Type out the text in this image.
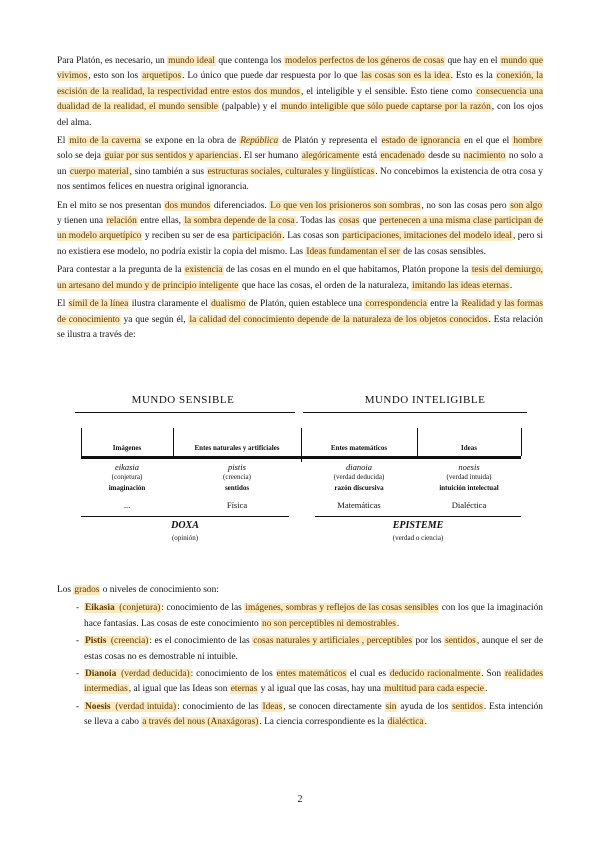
Para Platón, es necesario, un mundo ideal que contenga los modelos perfectos de los géneros de cosas que hay en el mundo que vivimos, esto son los arquetipos. Lo único que puede dar respuesta por lo que las cosas son es la idea. Esto es la conexión, la escisión de la realidad, la respectividad entre estos dos mundos, el inteligible y el sensible. Esto tiene como consecuencia una dualidad de la realidad, el mundo sensible (palpable) y el mundo inteligible que sólo puede captarse por la razón, con los ojos del alma.

El mito de la caverna se expone en la obra de República de Platón y representa el estado de ignorancia en el que el hombre solo se deja guiar por sus sentidos y apariencias. El ser humano alegóricamente está encadenado desde su nacimiento no solo a un cuerpo material, sino también a sus estructuras sociales, culturales y lingüísticas. No concebimos la existencia de otra cosa y nos sentimos felices en nuestra original ignorancia.

En el mito se nos presentan dos mundos diferenciados. Lo que ven los prisioneros son sombras, no son las cosas pero son algo y tienen una relación entre ellas, la sombra depende de la cosa. Todas las cosas que pertenecen a una misma clase participan de un modelo arquetípico y reciben su ser de esa participación. Las cosas son participaciones, imitaciones del modelo ideal, pero si no existiera ese modelo, no podría existir la copia del mismo. Las Ideas fundamentan el ser de las cosas sensibles.

Para contestar a la pregunta de la existencia de las cosas en el mundo en el que habitamos, Platón propone la tesis del demiurgo, un artesano del mundo y de principio inteligente que hace las cosas, el orden de la naturaleza, imitando las ideas eternas.

El símil de la línea ilustra claramente el dualismo de Platón, quien establece una correspondencia entre la Realidad y las formas de conocimiento ya que según él, la calidad del conocimiento depende de la naturaleza de los objetos conocidos. Esta relación se ilustra a través de:

MUNDO SENSIBLE	MUNDO INTELIGIBLE
Imágenes	Entes naturales y artificiales	Entes matemáticos	Ideas
eikasia	pistis	dianoia	noesis
(conjetura)	(creencia)	(verdad deducida)	(verdad intuida)
imaginación	sentidos	razón discursiva	intuición intelectual
...	Física	Matemáticas	Dialéctica
DOXA	EPISTEME
(opinión)	(verdad o ciencia)

Los grados o niveles de conocimiento son:

- Eikasia (conjetura): conocimiento de las imágenes, sombras y reflejos de las cosas sensibles con los que la imaginación hace fantasías. Las cosas de este conocimiento no son perceptibles ni demostrables.
- Pistis (creencia): es el conocimiento de las cosas naturales y artificiales , perceptibles por los sentidos, aunque el ser de estas cosas no es demostrable ni intuible.
- Dianoia (verdad deducida): conocimiento de los entes matemáticos el cual es deducido racionalmente. Son realidades intermedias, al igual que las Ideas son eternas y al igual que las cosas, hay una multitud para cada especie.
- Noesis (verdad intuida): conocimiento de las Ideas, se conocen directamente sin ayuda de los sentidos. Esta intención se lleva a cabo a través del nous (Anaxágoras). La ciencia correspondiente es la dialéctica.
2
